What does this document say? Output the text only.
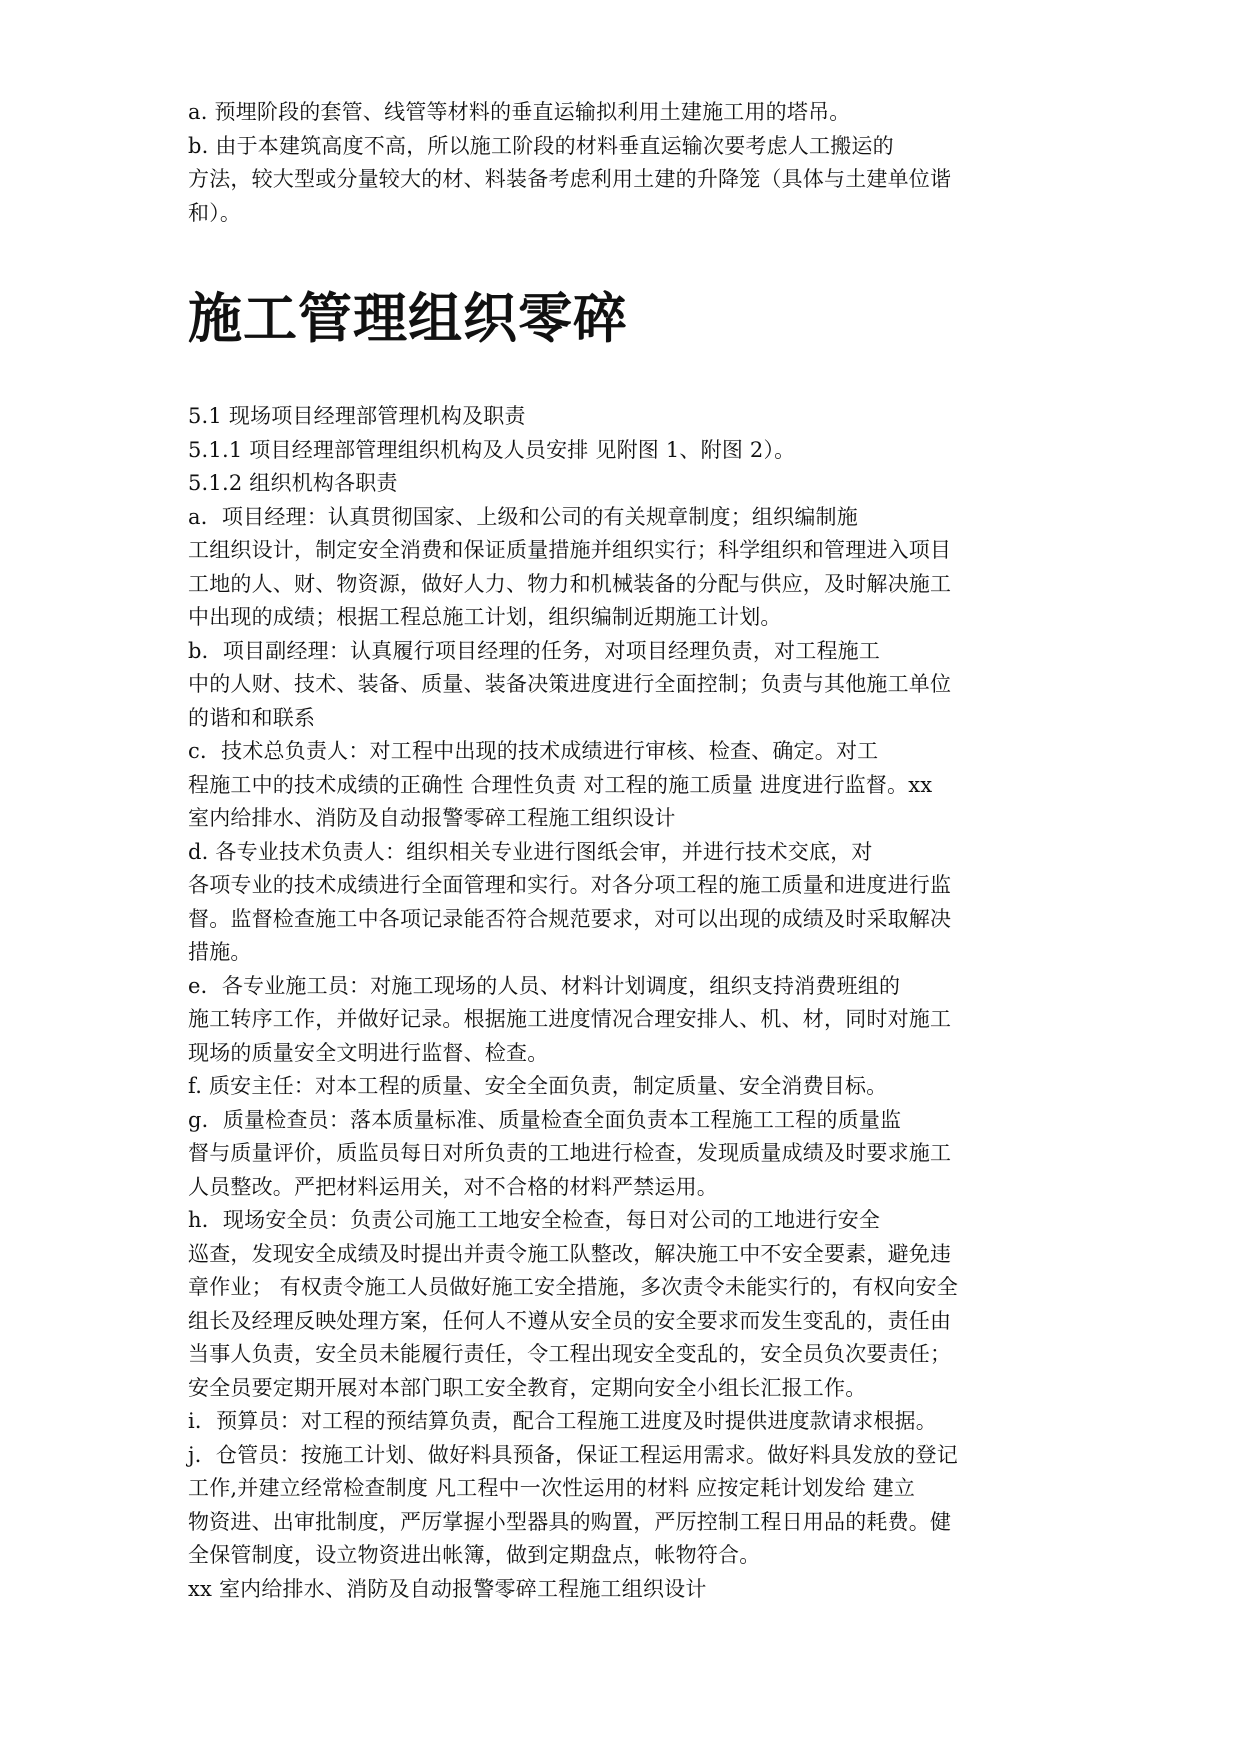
a. 预埋阶段的套管、线管等材料的垂直运输拟利用土建施工用的塔吊。
b. 由于本建筑高度不高，所以施工阶段的材料垂直运输次要考虑人工搬运的
方法，较大型或分量较大的材、料装备考虑利用土建的升降笼（具体与土建单位谐
和）。
施工管理组织零碎
5.1 现场项目经理部管理机构及职责
5.1.1 项目经理部管理组织机构及人员安排 见附图 1、附图 2）。
5.1.2 组织机构各职责
a．项目经理：认真贯彻国家、上级和公司的有关规章制度；组织编制施
工组织设计，制定安全消费和保证质量措施并组织实行；科学组织和管理进入项目
工地的人、财、物资源，做好人力、物力和机械装备的分配与供应，及时解决施工
中出现的成绩；根据工程总施工计划，组织编制近期施工计划。
b．项目副经理：认真履行项目经理的任务，对项目经理负责，对工程施工
中的人财、技术、装备、质量、装备决策进度进行全面控制；负责与其他施工单位
的谐和和联系
c．技术总负责人：对工程中出现的技术成绩进行审核、检查、确定。对工
程施工中的技术成绩的正确性 合理性负责 对工程的施工质量 进度进行监督。xx
室内给排水、消防及自动报警零碎工程施工组织设计
d. 各专业技术负责人：组织相关专业进行图纸会审，并进行技术交底，对
各项专业的技术成绩进行全面管理和实行。对各分项工程的施工质量和进度进行监
督。监督检查施工中各项记录能否符合规范要求，对可以出现的成绩及时采取解决
措施。
e．各专业施工员：对施工现场的人员、材料计划调度，组织支持消费班组的
施工转序工作，并做好记录。根据施工进度情况合理安排人、机、材，同时对施工
现场的质量安全文明进行监督、检查。
f. 质安主任：对本工程的质量、安全全面负责，制定质量、安全消费目标。
g．质量检查员：落本质量标准、质量检查全面负责本工程施工工程的质量监
督与质量评价，质监员每日对所负责的工地进行检查，发现质量成绩及时要求施工
人员整改。严把材料运用关，对不合格的材料严禁运用。
h．现场安全员：负责公司施工工地安全检查，每日对公司的工地进行安全
巡查，发现安全成绩及时提出并责令施工队整改，解决施工中不安全要素，避免违
章作业； 有权责令施工人员做好施工安全措施，多次责令未能实行的，有权向安全
组长及经理反映处理方案，任何人不遵从安全员的安全要求而发生变乱的，责任由
当事人负责，安全员未能履行责任，令工程出现安全变乱的，安全员负次要责任；
安全员要定期开展对本部门职工安全教育，定期向安全小组长汇报工作。
i．预算员：对工程的预结算负责，配合工程施工进度及时提供进度款请求根据。
j．仓管员：按施工计划、做好料具预备，保证工程运用需求。做好料具发放的登记
工作,并建立经常检查制度 凡工程中一次性运用的材料 应按定耗计划发给 建立
物资进、出审批制度，严厉掌握小型器具的购置，严厉控制工程日用品的耗费。健
全保管制度，设立物资进出帐簿，做到定期盘点，帐物符合。
xx 室内给排水、消防及自动报警零碎工程施工组织设计
